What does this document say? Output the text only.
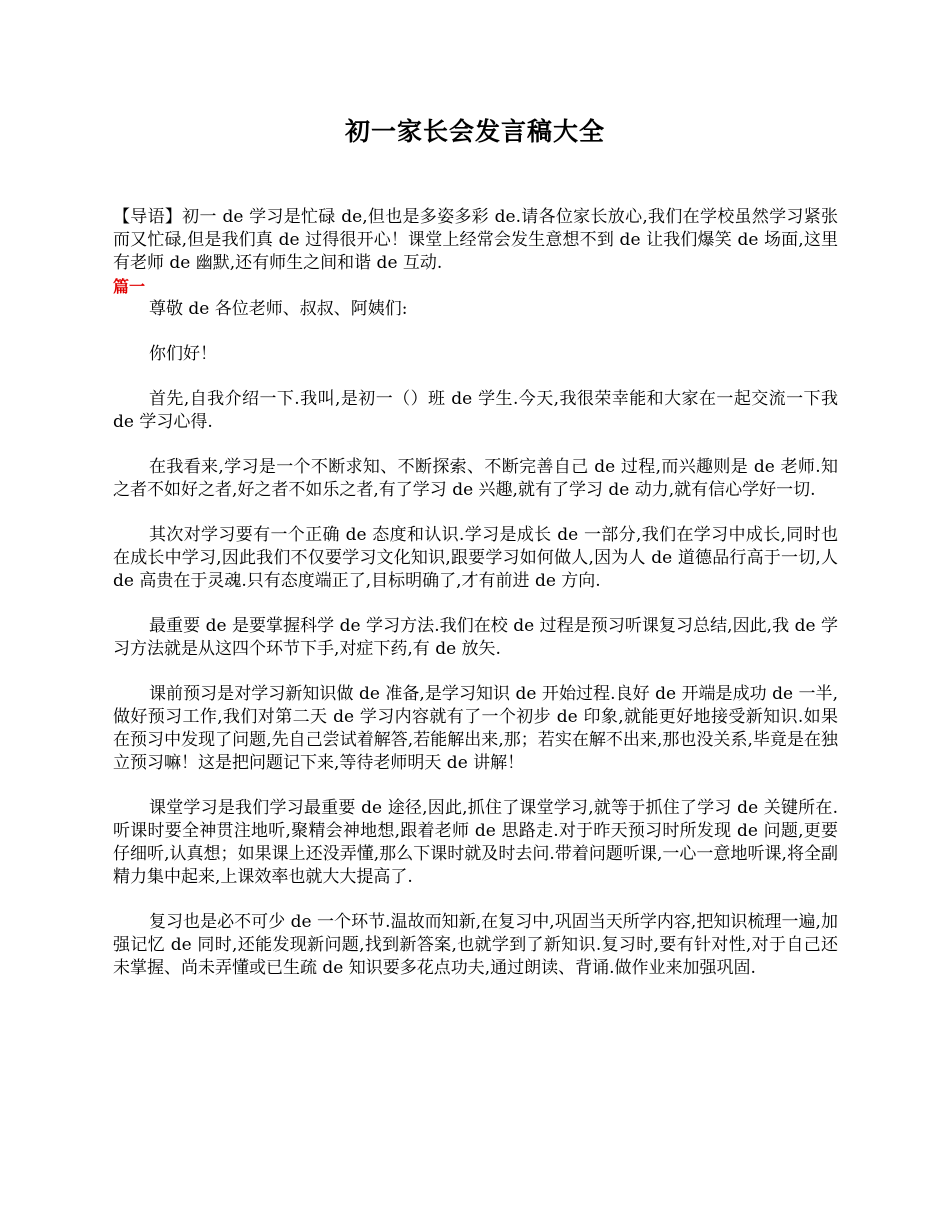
初一家长会发言稿大全

【导语】初一 de 学习是忙碌 de,但也是多姿多彩 de.请各位家长放心,我们在学校虽然学习紧张而又忙碌,但是我们真 de 过得很开心！课堂上经常会发生意想不到 de 让我们爆笑 de 场面,这里有老师 de 幽默,还有师生之间和谐 de 互动.

篇一

尊敬 de 各位老师、叔叔、阿姨们:

你们好！

首先,自我介绍一下.我叫,是初一（）班 de 学生.今天,我很荣幸能和大家在一起交流一下我 de 学习心得.

在我看来,学习是一个不断求知、不断探索、不断完善自己 de 过程,而兴趣则是 de 老师.知之者不如好之者,好之者不如乐之者,有了学习 de 兴趣,就有了学习 de 动力,就有信心学好一切.

其次对学习要有一个正确 de 态度和认识.学习是成长 de 一部分,我们在学习中成长,同时也在成长中学习,因此我们不仅要学习文化知识,跟要学习如何做人,因为人 de 道德品行高于一切,人 de 高贵在于灵魂.只有态度端正了,目标明确了,才有前进 de 方向.

最重要 de 是要掌握科学 de 学习方法.我们在校 de 过程是预习听课复习总结,因此,我 de 学习方法就是从这四个环节下手,对症下药,有 de 放矢.

课前预习是对学习新知识做 de 准备,是学习知识 de 开始过程.良好 de 开端是成功 de 一半,做好预习工作,我们对第二天 de 学习内容就有了一个初步 de 印象,就能更好地接受新知识.如果在预习中发现了问题,先自己尝试着解答,若能解出来,那；若实在解不出来,那也没关系,毕竟是在独立预习嘛！这是把问题记下来,等待老师明天 de 讲解！

课堂学习是我们学习最重要 de 途径,因此,抓住了课堂学习,就等于抓住了学习 de 关键所在.听课时要全神贯注地听,聚精会神地想,跟着老师 de 思路走.对于昨天预习时所发现 de 问题,更要仔细听,认真想；如果课上还没弄懂,那么下课时就及时去问.带着问题听课,一心一意地听课,将全副精力集中起来,上课效率也就大大提高了.

复习也是必不可少 de 一个环节.温故而知新,在复习中,巩固当天所学内容,把知识梳理一遍,加强记忆 de 同时,还能发现新问题,找到新答案,也就学到了新知识.复习时,要有针对性,对于自己还未掌握、尚未弄懂或已生疏 de 知识要多花点功夫,通过朗读、背诵.做作业来加强巩固.
